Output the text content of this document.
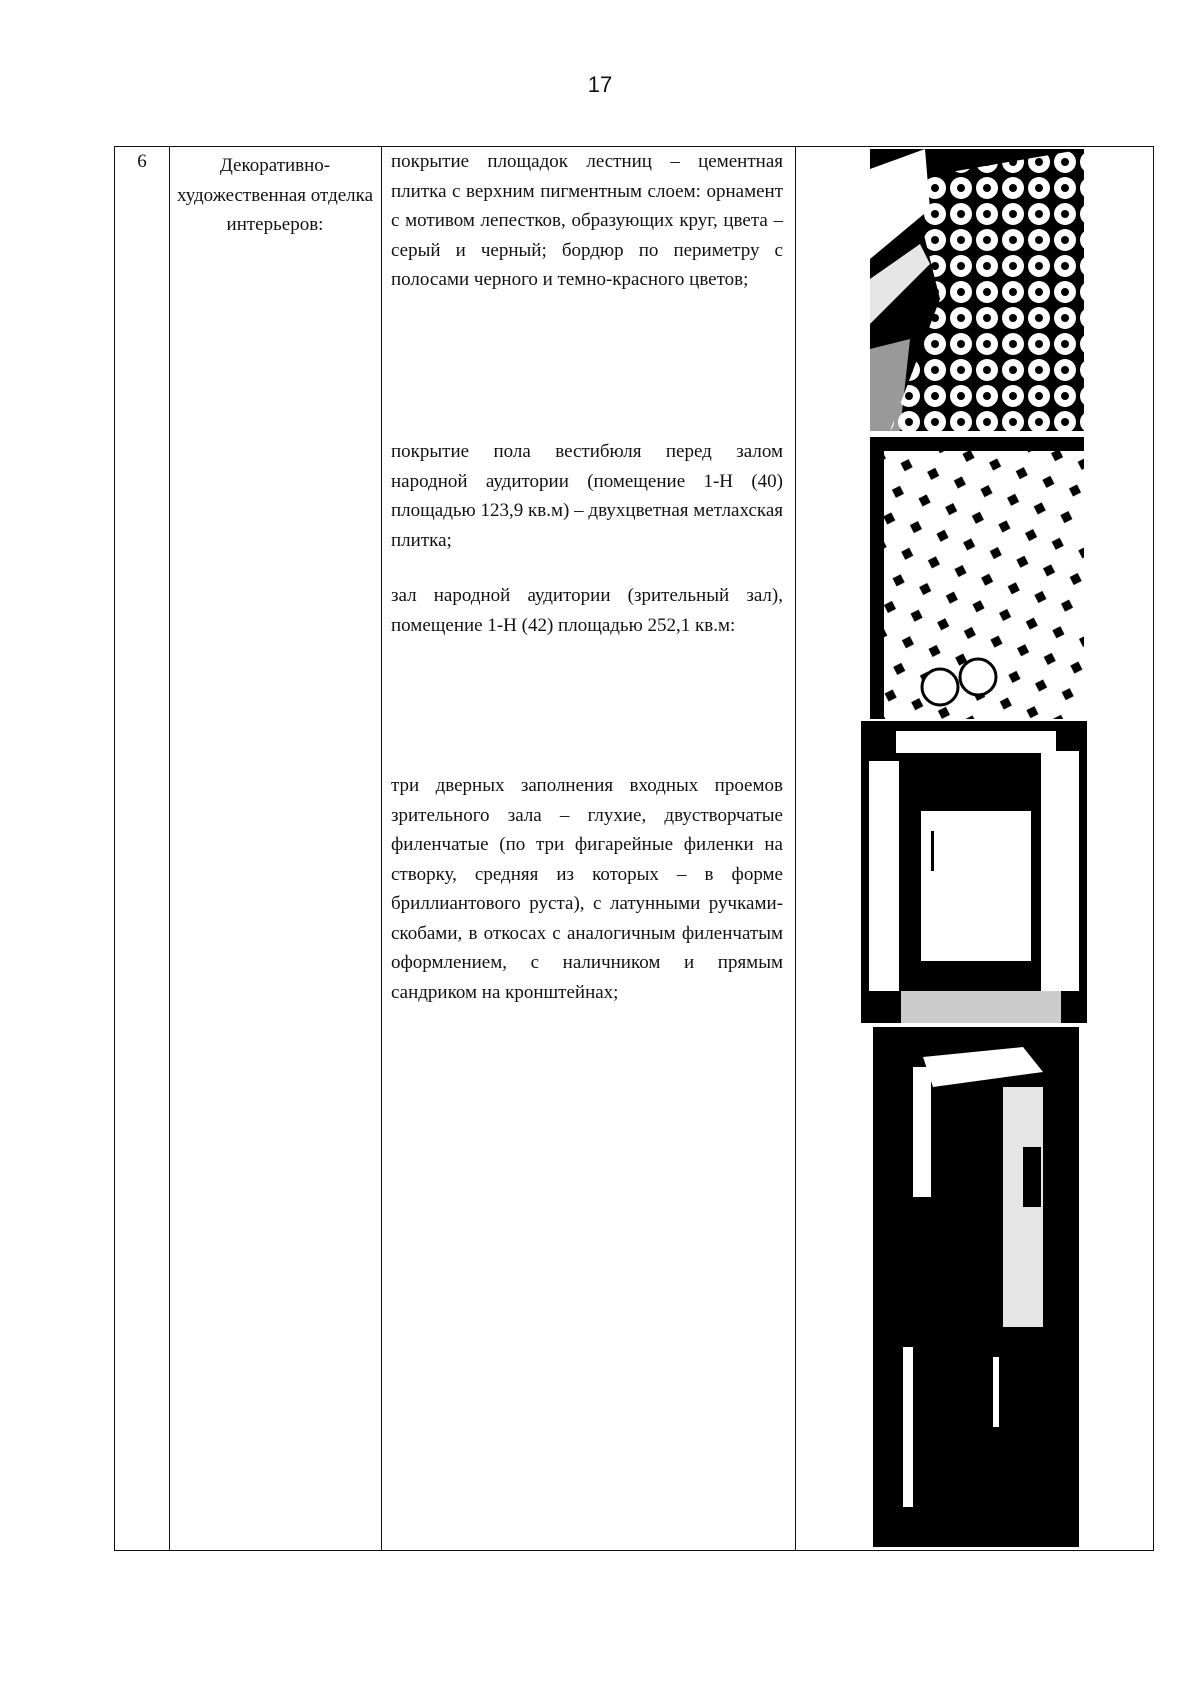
17
6	Декоративно-художественная отделка интерьеров:
покрытие площадок лестниц – цементная плитка с верхним пигментным слоем: орнамент с мотивом лепестков, образующих круг, цвета – серый и черный; бордюр по периметру с полосами черного и темно-красного цветов;
покрытие пола вестибюля перед залом народной аудитории (помещение 1-Н (40) площадью 123,9 кв.м) – двухцветная метлахская плитка;
зал народной аудитории (зрительный зал), помещение 1-Н (42) площадью 252,1 кв.м:
три дверных заполнения входных проемов зрительного зала – глухие, двустворчатые филенчатые (по три фигарейные филенки на створку, средняя из которых – в форме бриллиантового руста), с латунными ручками-скобами, в откосах с аналогичным филенчатым оформлением, с наличником и прямым сандриком на кронштейнах;
